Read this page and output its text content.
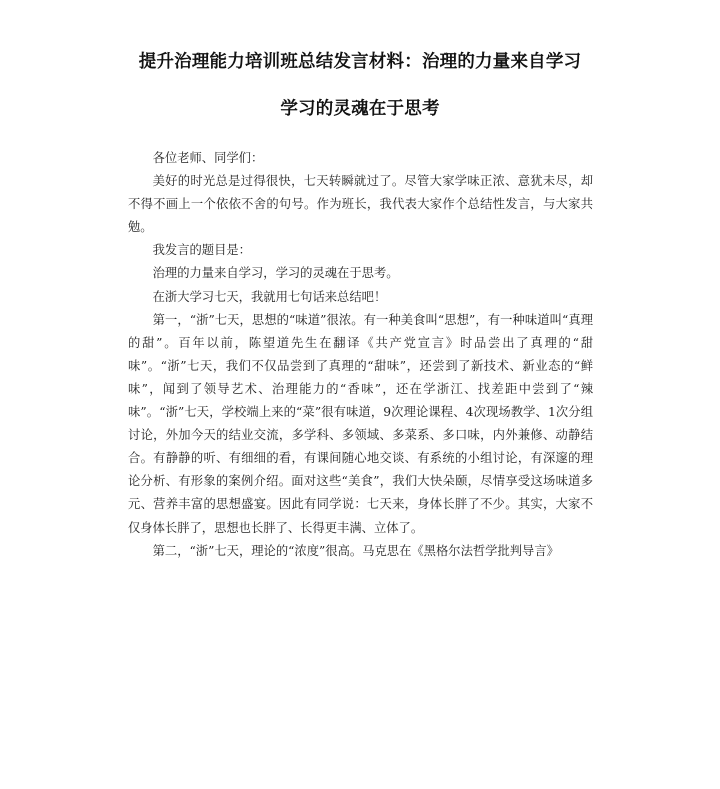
提升治理能力培训班总结发言材料：治理的力量来自学习
学习的灵魂在于思考

各位老师、同学们：

美好的时光总是过得很快，七天转瞬就过了。尽管大家学味正浓、意犹未尽，却不得不画上一个依依不舍的句号。作为班长，我代表大家作个总结性发言，与大家共勉。

我发言的题目是：

治理的力量来自学习，学习的灵魂在于思考。

在浙大学习七天，我就用七句话来总结吧！

第一，“浙”七天，思想的“味道”很浓。有一种美食叫“思想”，有一种味道叫“真理的甜”。百年以前，陈望道先生在翻译《共产党宣言》时品尝出了真理的“甜味”。“浙”七天，我们不仅品尝到了真理的“甜味”，还尝到了新技术、新业态的“鲜味”，闻到了领导艺术、治理能力的“香味”，还在学浙江、找差距中尝到了“辣味”。“浙”七天，学校端上来的“菜”很有味道，9次理论课程、4次现场教学、1次分组讨论，外加今天的结业交流，多学科、多领域、多菜系、多口味，内外兼修、动静结合。有静静的听、有细细的看，有课间随心地交谈、有系统的小组讨论，有深邃的理论分析、有形象的案例介绍。面对这些“美食”，我们大快朵颐，尽情享受这场味道多元、营养丰富的思想盛宴。因此有同学说：七天来，身体长胖了不少。其实，大家不仅身体长胖了，思想也长胖了、长得更丰满、立体了。

第二，“浙”七天，理论的“浓度”很高。马克思在《黑格尔法哲学批判导言》
